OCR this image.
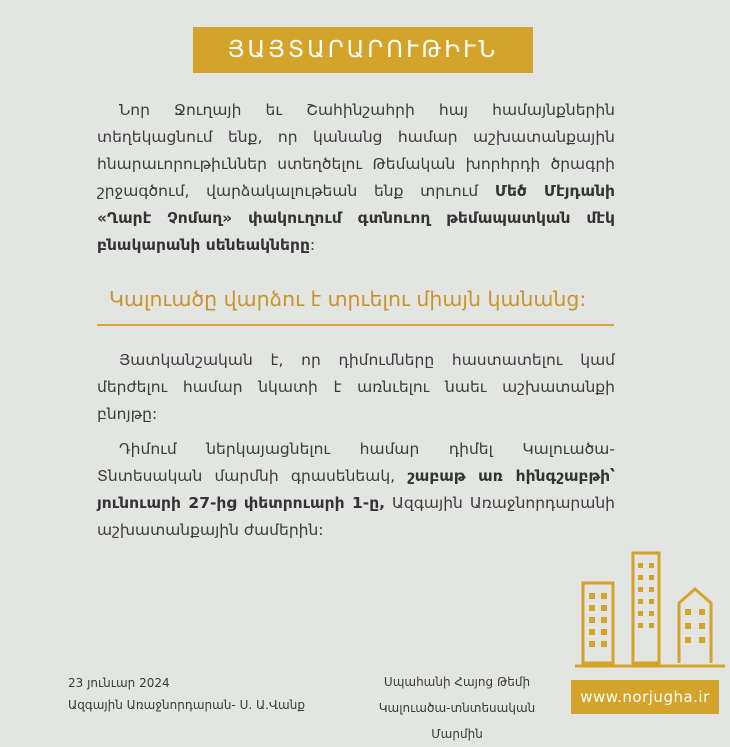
ՅԱՅՏԱՐԱՐՈՒԹԻՒՆ

Նոր Ջուղայի եւ Շահինշահրի հայ համայնքներին տեղեկացնում ենք, որ կանանց համար աշխատանքային հնարաւորութիւններ ստեղծելու Թեմական խորհրդի ծրագրի շրջագծում, վարձակալութեան ենք տրւում Մեծ Մէյդանի «Ղարէ Չոմաղ» փակուղում գտնուող թեմապատկան մէկ բնակարանի սենեակները:

Կալուածը վարձու է տրւելու միայն կանանց:

Յատկանշական է, որ դիմումները հաստատելու կամ մերժելու համար նկատի է առնւելու նաեւ աշխատանքի բնոյթը:

Դիմում ներկայացնելու համար դիմել Կալուածա-Տնտեսական մարմնի գրասենեակ, շաբաթ առ հինգշաբթի՝ յունուարի 27-ից փետրուարի 1-ը, Ազգային Առաջնորդարանի աշխատանքային ժամերին:

23 յունւար 2024
Ազգային Առաջնորդարան- Ս. Ա.Վանք
Սպահանի Հայոց Թեմի
Կալուածա-տնտեսական Մարմին
www.norjugha.ir
